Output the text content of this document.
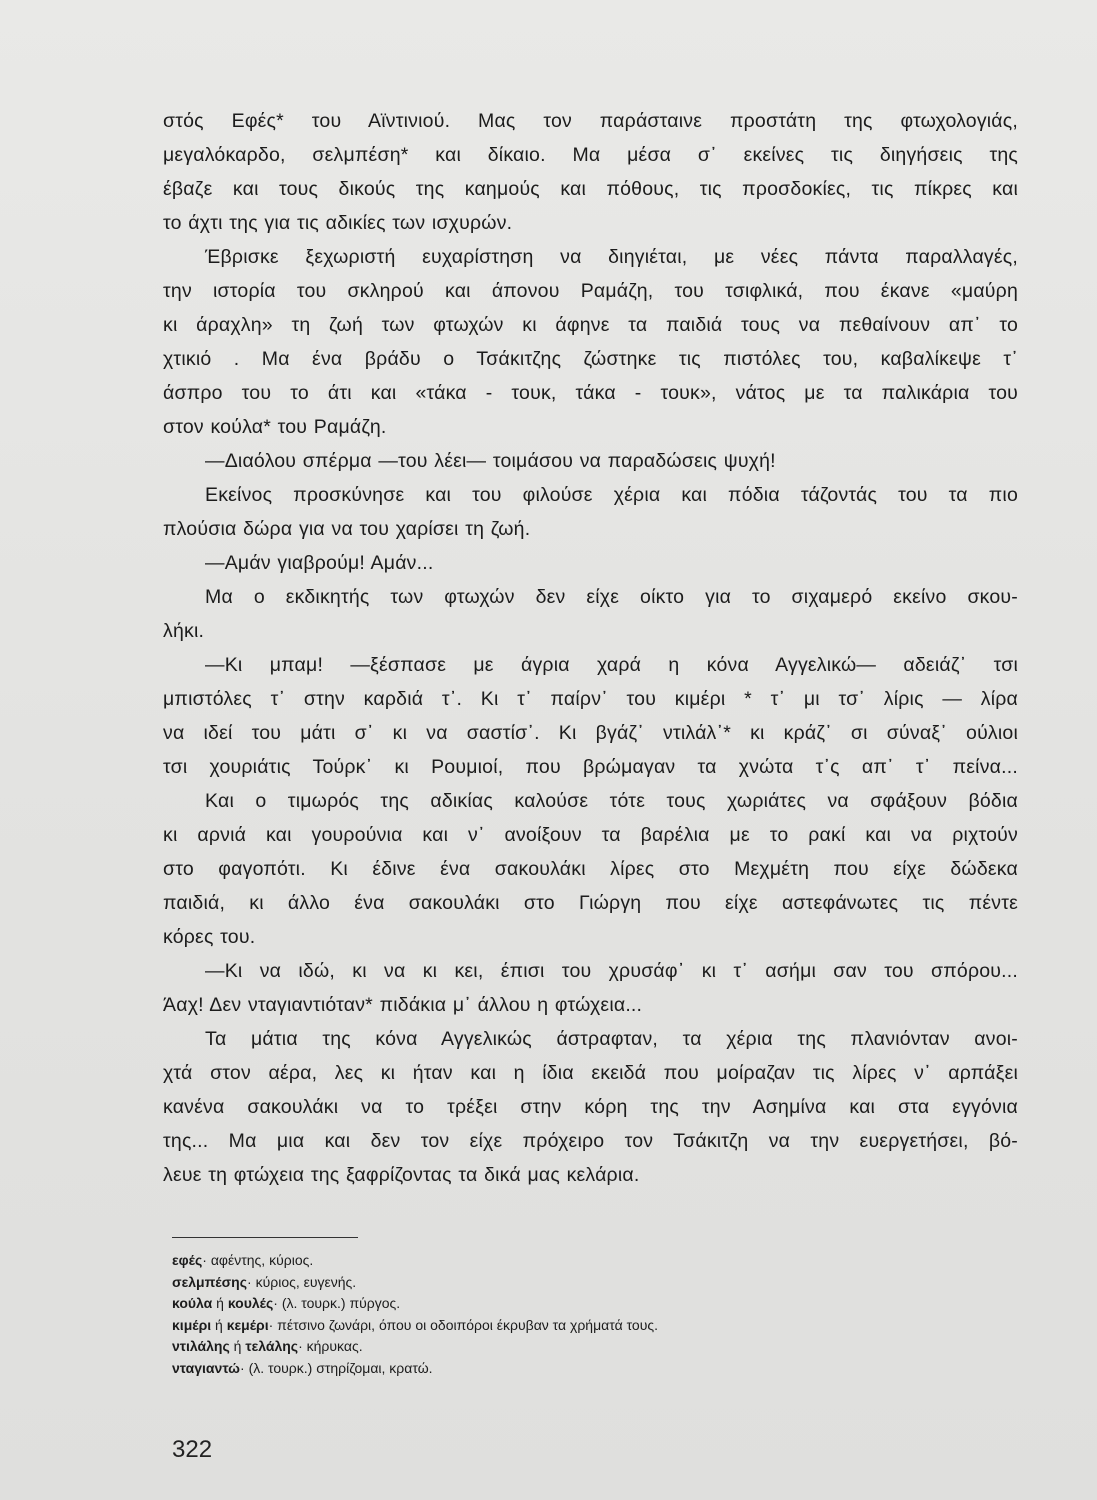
στός Εφές* του Αϊντινιού. Μας τον παράσταινε προστάτη της φτωχολογιάς,
μεγαλόκαρδο, σελμπέση* και δίκαιο. Μα μέσα σ᾽ εκείνες τις διηγήσεις της
έβαζε και τους δικούς της καημούς και πόθους, τις προσδοκίες, τις πίκρες και
το άχτι της για τις αδικίες των ισχυρών.
Έβρισκε ξεχωριστή ευχαρίστηση να διηγιέται, με νέες πάντα παραλλαγές,
την ιστορία του σκληρού και άπονου Ραμάζη, του τσιφλικά, που έκανε «μαύρη
κι άραχλη» τη ζωή των φτωχών κι άφηνε τα παιδιά τους να πεθαίνουν απ᾽ το
χτικιό . Μα ένα βράδυ ο Τσάκιτζης ζώστηκε τις πιστόλες του, καβαλίκεψε τ᾽
άσπρο του το άτι και «τάκα - τουκ, τάκα - τουκ», νάτος με τα παλικάρια του
στον κούλα* του Ραμάζη.
—Διαόλου σπέρμα —του λέει— τοιμάσου να παραδώσεις ψυχή!
Εκείνος προσκύνησε και του φιλούσε χέρια και πόδια τάζοντάς του τα πιο
πλούσια δώρα για να του χαρίσει τη ζωή.
—Αμάν γιαβρούμ! Αμάν...
Μα ο εκδικητής των φτωχών δεν είχε οίκτο για το σιχαμερό εκείνο σκου-
λήκι.
—Κι μπαμ! —ξέσπασε με άγρια χαρά η κόνα Αγγελικώ— αδειάζ᾽ τσι
μπιστόλες τ᾽ στην καρδιά τ᾽. Κι τ᾽ παίρν᾽ του κιμέρι * τ᾽ μι τσ᾽ λίρις — λίρα
να ιδεί του μάτι σ᾽ κι να σαστίσ᾽. Κι βγάζ᾽ ντιλάλ᾽* κι κράζ᾽ σι σύναξ᾽ ούλιοι
τσι χουριάτις Τούρκ᾽ κι Ρουμιοί, που βρώμαγαν τα χνώτα τ᾽ς απ᾽ τ᾽ πείνα...
Και ο τιμωρός της αδικίας καλούσε τότε τους χωριάτες να σφάξουν βόδια
κι αρνιά και γουρούνια και ν᾽ ανοίξουν τα βαρέλια με το ρακί και να ριχτούν
στο φαγοπότι. Κι έδινε ένα σακουλάκι λίρες στο Μεχμέτη που είχε δώδεκα
παιδιά, κι άλλο ένα σακουλάκι στο Γιώργη που είχε αστεφάνωτες τις πέντε
κόρες του.
—Κι να ιδώ, κι να κι κει, έπισι του χρυσάφ᾽ κι τ᾽ ασήμι σαν του σπόρου...
Άαχ! Δεν νταγιαντιόταν* πιδάκια μ᾽ άλλου η φτώχεια...
Τα μάτια της κόνα Αγγελικώς άστραφταν, τα χέρια της πλανιόνταν ανοι-
χτά στον αέρα, λες κι ήταν και η ίδια εκειδά που μοίραζαν τις λίρες ν᾽ αρπάξει
κανένα σακουλάκι να το τρέξει στην κόρη της την Ασημίνα και στα εγγόνια
της... Μα μια και δεν τον είχε πρόχειρο τον Τσάκιτζη να την ευεργετήσει, βό-
λευε τη φτώχεια της ξαφρίζοντας τα δικά μας κελάρια.
εφές· αφέντης, κύριος.
σελμπέσης· κύριος, ευγενής.
κούλα ή κουλές· (λ. τουρκ.) πύργος.
κιμέρι ή κεμέρι· πέτσινο ζωνάρι, όπου οι οδοιπόροι έκρυβαν τα χρήματά τους.
ντιλάλης ή τελάλης· κήρυκας.
νταγιαντώ· (λ. τουρκ.) στηρίζομαι, κρατώ.
322
